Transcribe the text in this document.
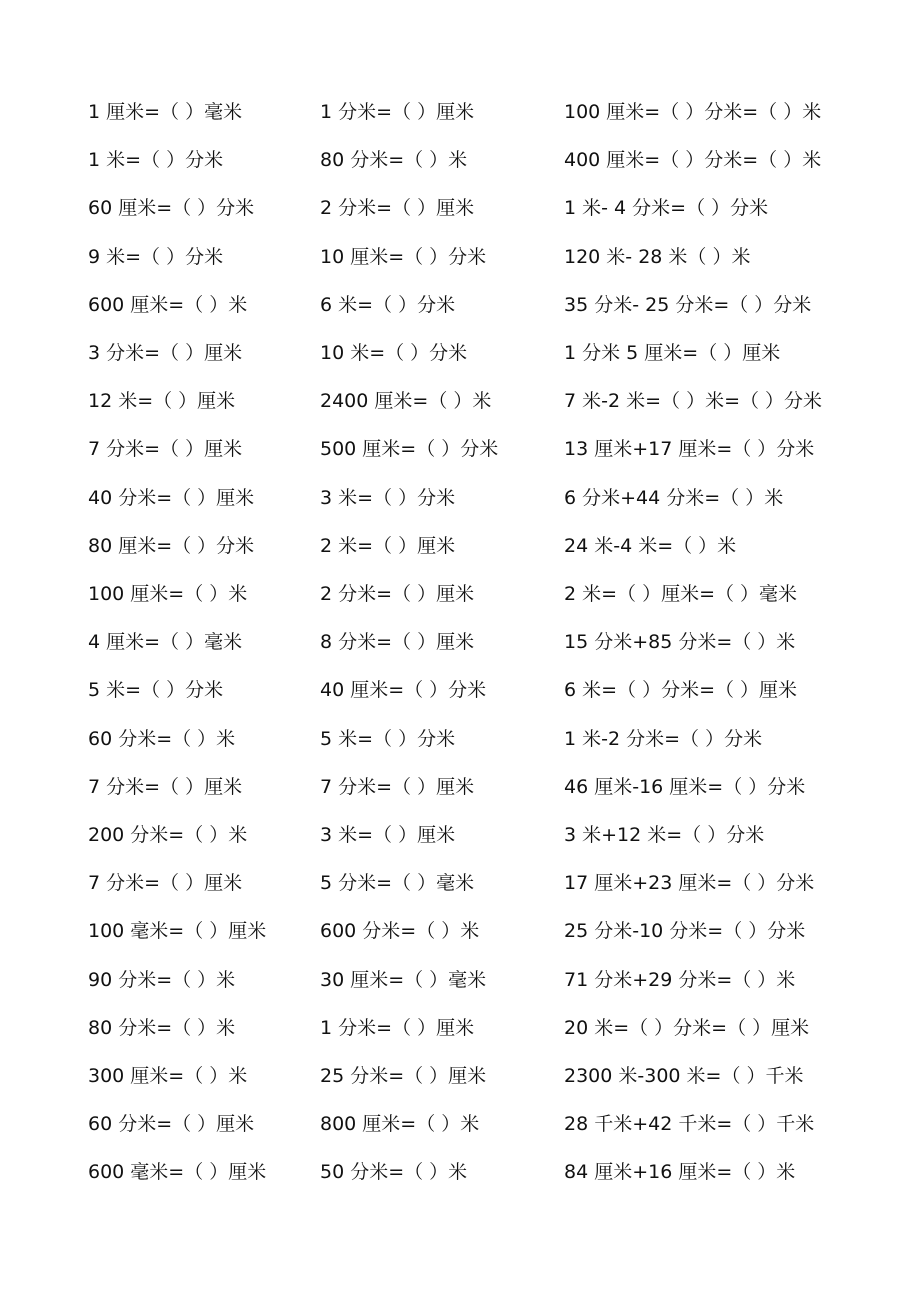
1 厘米=（ ）毫米	1 分米=（ ）厘米	100 厘米=（ ）分米=（ ）米
1 米=（ ）分米	80 分米=（ ）米	400 厘米=（ ）分米=（ ）米
60 厘米=（ ）分米	2 分米=（ ）厘米	1 米- 4 分米=（ ）分米
9 米=（ ）分米	10 厘米=（ ）分米	120 米- 28 米（ ）米
600 厘米=（ ）米	6 米=（ ）分米	35 分米- 25 分米=（ ）分米
3 分米=（ ）厘米	10 米=（ ）分米	1 分米 5 厘米=（ ）厘米
12 米=（ ）厘米	2400 厘米=（ ）米	7 米-2 米=（ ）米=（ ）分米
7 分米=（ ）厘米	500 厘米=（ ）分米	13 厘米+17 厘米=（ ）分米
40 分米=（ ）厘米	3 米=（ ）分米	6 分米+44 分米=（ ）米
80 厘米=（ ）分米	2 米=（ ）厘米	24 米-4 米=（ ）米
100 厘米=（ ）米	2 分米=（ ）厘米	2 米=（ ）厘米=（ ）毫米
4 厘米=（ ）毫米	8 分米=（ ）厘米	15 分米+85 分米=（ ）米
5 米=（ ）分米	40 厘米=（ ）分米	6 米=（ ）分米=（ ）厘米
60 分米=（ ）米	5 米=（ ）分米	1 米-2 分米=（ ）分米
7 分米=（ ）厘米	7 分米=（ ）厘米	46 厘米-16 厘米=（ ）分米
200 分米=（ ）米	3 米=（ ）厘米	3 米+12 米=（ ）分米
7 分米=（ ）厘米	5 分米=（ ）毫米	17 厘米+23 厘米=（ ）分米
100 毫米=（ ）厘米	600 分米=（ ）米	25 分米-10 分米=（ ）分米
90 分米=（ ）米	30 厘米=（ ）毫米	71 分米+29 分米=（ ）米
80 分米=（ ）米	1 分米=（ ）厘米	20 米=（ ）分米=（ ）厘米
300 厘米=（ ）米	25 分米=（ ）厘米	2300 米-300 米=（ ）千米
60 分米=（ ）厘米	800 厘米=（ ）米	28 千米+42 千米=（ ）千米
600 毫米=（ ）厘米	50 分米=（ ）米	84 厘米+16 厘米=（ ）米
